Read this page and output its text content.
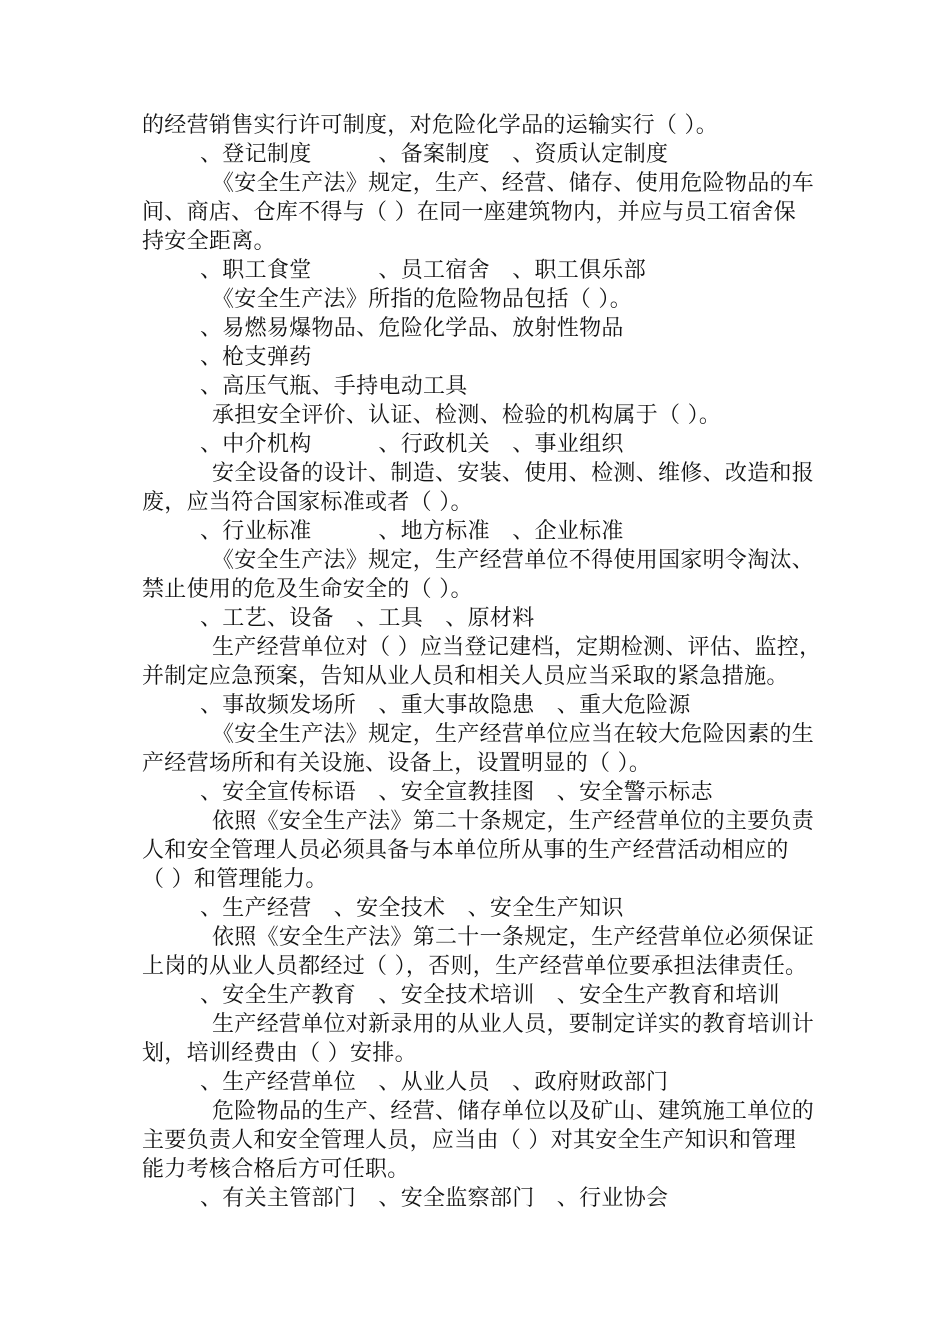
的经营销售实行许可制度，对危险化学品的运输实行（ ）。
、登记制度　　　、备案制度　、资质认定制度
《安全生产法》规定，生产、经营、储存、使用危险物品的车
间、商店、仓库不得与（ ）在同一座建筑物内，并应与员工宿舍保
持安全距离。
、职工食堂　　　、员工宿舍　、职工俱乐部
《安全生产法》所指的危险物品包括（ ）。
、易燃易爆物品、危险化学品、放射性物品
、枪支弹药
、高压气瓶、手持电动工具
承担安全评价、认证、检测、检验的机构属于（ ）。
、中介机构　　　、行政机关　、事业组织
安全设备的设计、制造、安装、使用、检测、维修、改造和报
废，应当符合国家标准或者（ ）。
、行业标准　　　、地方标准　、企业标准
《安全生产法》规定，生产经营单位不得使用国家明令淘汰、
禁止使用的危及生命安全的（ ）。
、工艺、设备　、工具　、原材料
生产经营单位对（ ）应当登记建档，定期检测、评估、监控，
并制定应急预案，告知从业人员和相关人员应当采取的紧急措施。
、事故频发场所　、重大事故隐患　、重大危险源
《安全生产法》规定，生产经营单位应当在较大危险因素的生
产经营场所和有关设施、设备上，设置明显的（ ）。
、安全宣传标语　、安全宣教挂图　、安全警示标志
依照《安全生产法》第二十条规定，生产经营单位的主要负责
人和安全管理人员必须具备与本单位所从事的生产经营活动相应的
（ ）和管理能力。
、生产经营　、安全技术　、安全生产知识
依照《安全生产法》第二十一条规定，生产经营单位必须保证
上岗的从业人员都经过（ ），否则，生产经营单位要承担法律责任。
、安全生产教育　、安全技术培训　、安全生产教育和培训
生产经营单位对新录用的从业人员，要制定详实的教育培训计
划，培训经费由（ ）安排。
、生产经营单位　、从业人员　、政府财政部门
危险物品的生产、经营、储存单位以及矿山、建筑施工单位的
主要负责人和安全管理人员，应当由（ ）对其安全生产知识和管理
能力考核合格后方可任职。
、有关主管部门　、安全监察部门　、行业协会
